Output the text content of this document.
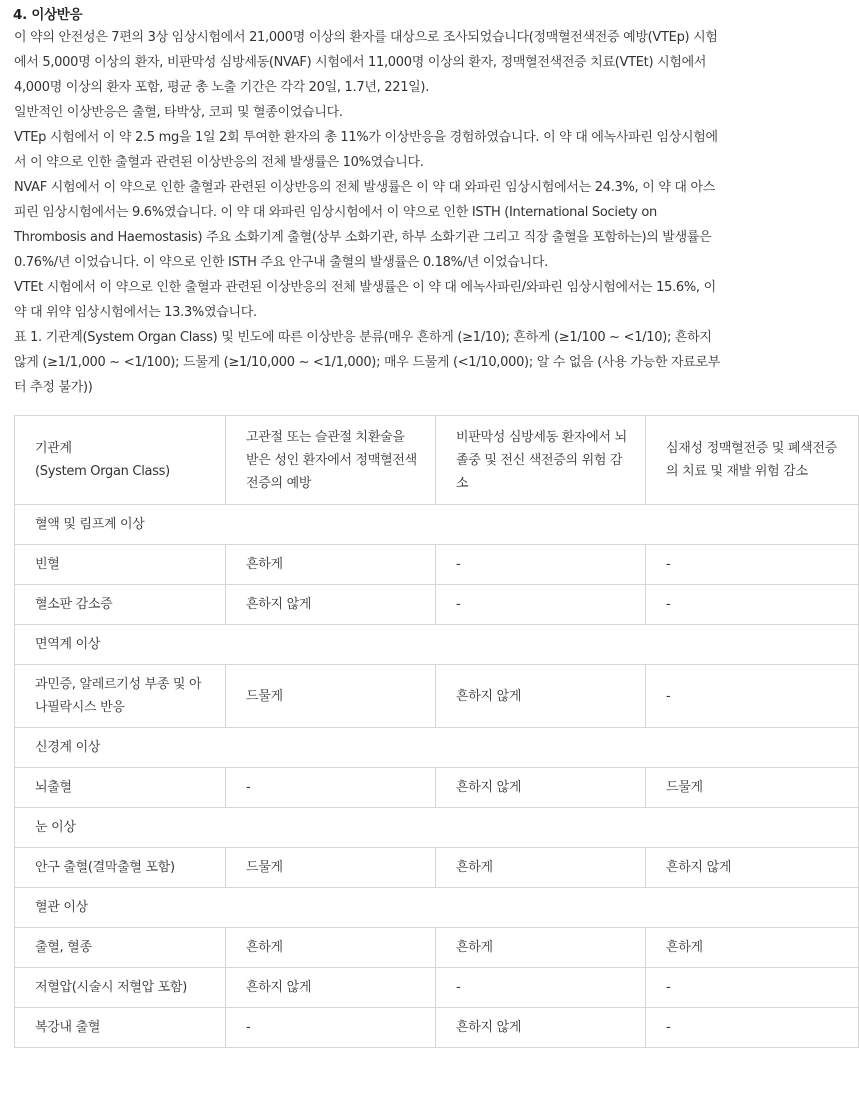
4. 이상반응

이 약의 안전성은 7편의 3상 임상시험에서 21,000명 이상의 환자를 대상으로 조사되었습니다(정맥혈전색전증 예방(VTEp) 시험에서 5,000명 이상의 환자, 비판막성 심방세동(NVAF) 시험에서 11,000명 이상의 환자, 정맥혈전색전증 치료(VTEt) 시험에서 4,000명 이상의 환자 포함, 평균 총 노출 기간은 각각 20일, 1.7년, 221일).

일반적인 이상반응은 출혈, 타박상, 코피 및 혈종이었습니다.

VTEp 시험에서 이 약 2.5 mg을 1일 2회 투여한 환자의 총 11%가 이상반응을 경험하였습니다. 이 약 대 에녹사파린 임상시험에서 이 약으로 인한 출혈과 관련된 이상반응의 전체 발생률은 10%였습니다.

NVAF 시험에서 이 약으로 인한 출혈과 관련된 이상반응의 전체 발생률은 이 약 대 와파린 임상시험에서는 24.3%, 이 약 대 아스피린 임상시험에서는 9.6%였습니다. 이 약 대 와파린 임상시험에서 이 약으로 인한 ISTH (International Society on Thrombosis and Haemostasis) 주요 소화기계 출혈(상부 소화기관, 하부 소화기관 그리고 직장 출혈을 포함하는)의 발생률은 0.76%/년 이었습니다. 이 약으로 인한 ISTH 주요 안구내 출혈의 발생률은 0.18%/년 이었습니다.

VTEt 시험에서 이 약으로 인한 출혈과 관련된 이상반응의 전체 발생률은 이 약 대 에녹사파린/와파린 임상시험에서는 15.6%, 이 약 대 위약 임상시험에서는 13.3%였습니다.

표 1. 기관계(System Organ Class) 및 빈도에 따른 이상반응 분류(매우 흔하게 (≥1/10); 흔하게 (≥1/100 ~ <1/10); 흔하지 않게 (≥1/1,000 ~ <1/100); 드물게 (≥1/10,000 ~ <1/1,000); 매우 드물게 (<1/10,000); 알 수 없음 (사용 가능한 자료로부터 추정 불가))

기관계
(System Organ Class)	고관절 또는 슬관절 치환술을 받은 성인 환자에서 정맥혈전색전증의 예방	비판막성 심방세동 환자에서 뇌졸중 및 전신 색전증의 위험 감소	심재성 정맥혈전증 및 폐색전증의 치료 및 재발 위험 감소
혈액 및 림프계 이상			
빈혈	흔하게	-	-
혈소판 감소증	흔하지 않게	-	-
면역계 이상			
과민증, 알레르기성 부종 및 아나필락시스 반응	드물게	흔하지 않게	-
신경계 이상			
뇌출혈	-	흔하지 않게	드물게
눈 이상			
안구 출혈(결막출혈 포함)	드물게	흔하게	흔하지 않게
혈관 이상			
출혈, 혈종	흔하게	흔하게	흔하게
저혈압(시술시 저혈압 포함)	흔하지 않게	-	-
복강내 출혈	-	흔하지 않게	-
